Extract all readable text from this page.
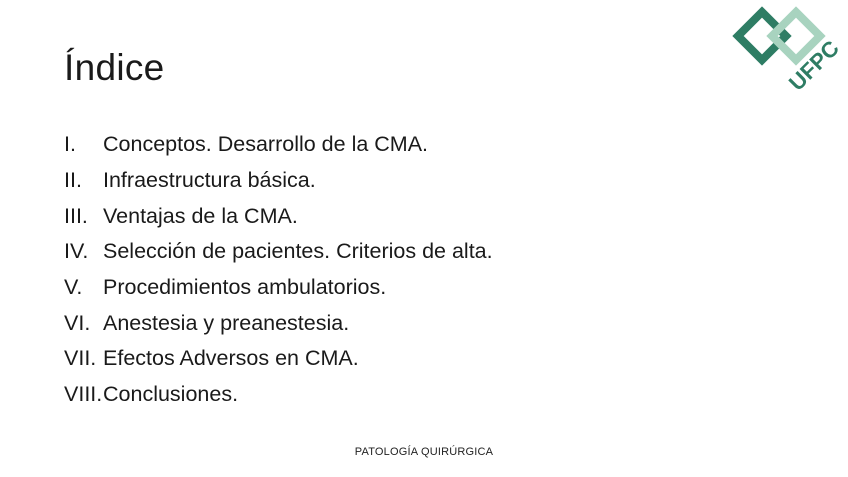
Índice	UFPC
I.	Conceptos. Desarrollo de la CMA.
II. Infraestructura básica.
III. Ventajas de la CMA.
IV. Selección de pacientes. Criterios de alta.
V. Procedimientos ambulatorios.
VI. Anestesia y preanestesia.
VII. Efectos Adversos en CMA.
VIII. Conclusiones.
PATOLOGÍA QUIRÚRGICA
